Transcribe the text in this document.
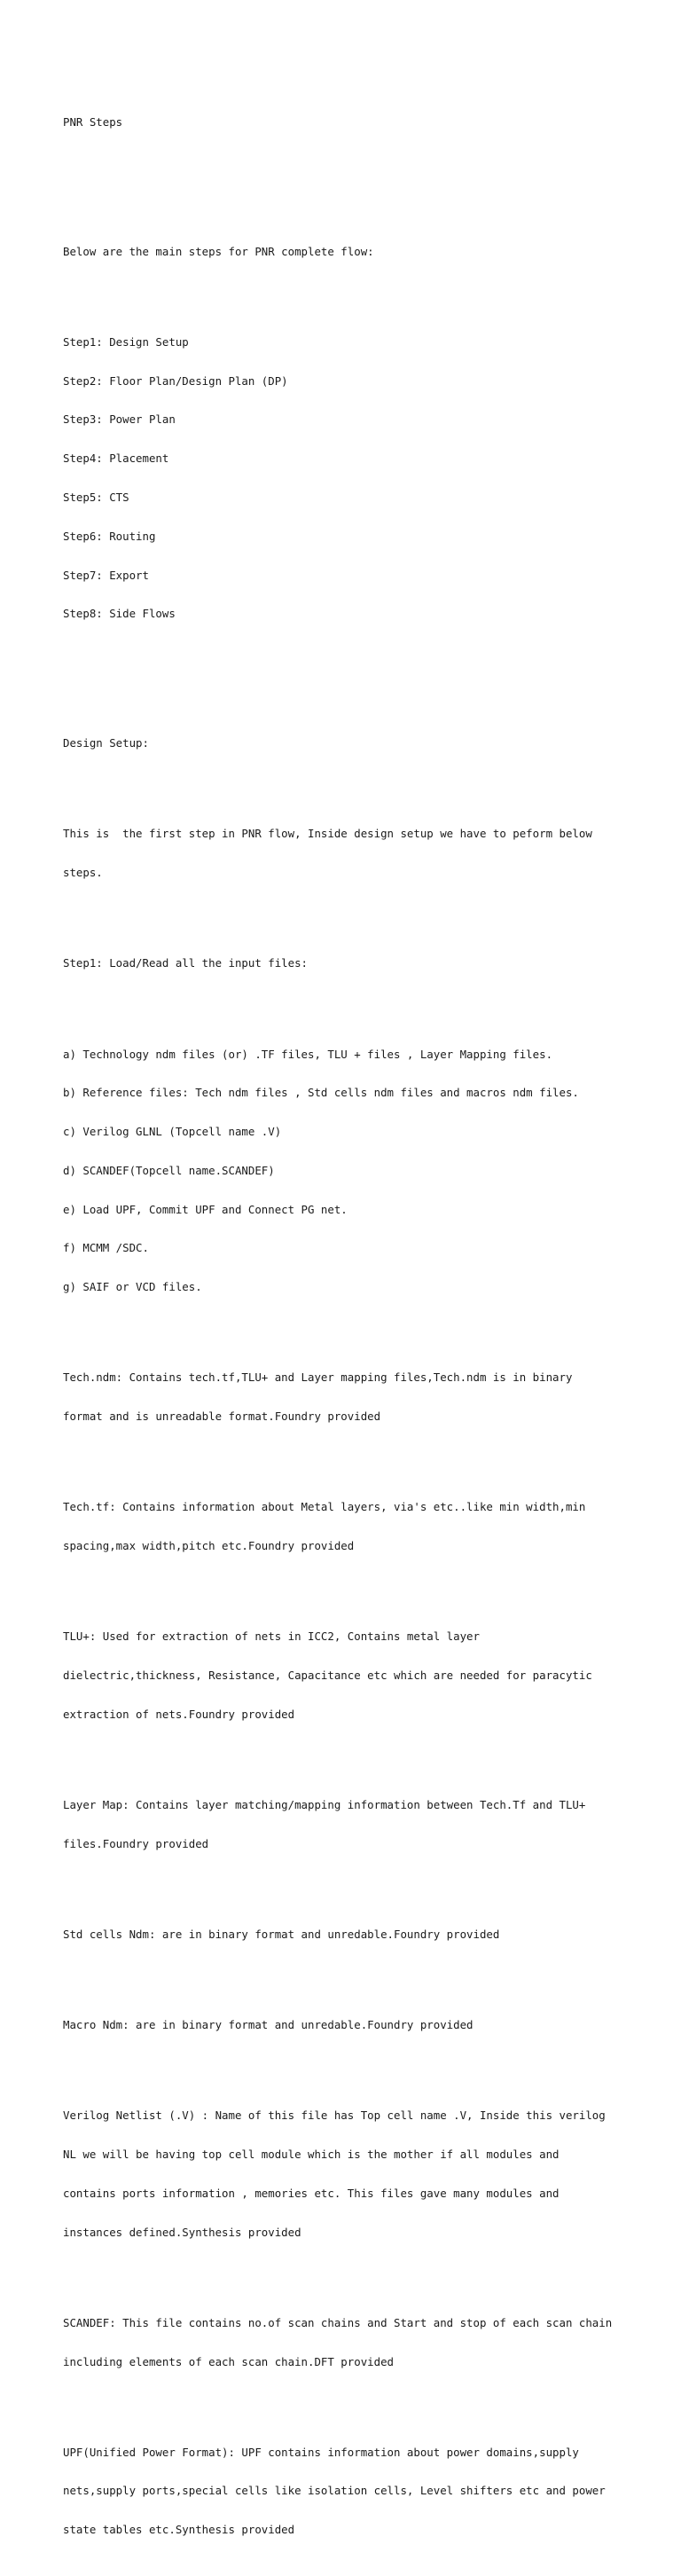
PNR Steps

Below are the main steps for PNR complete flow:

Step1: Design Setup

Step2: Floor Plan/Design Plan (DP)

Step3: Power Plan

Step4: Placement

Step5: CTS

Step6: Routing

Step7: Export

Step8: Side Flows

Design Setup:

This is  the first step in PNR flow, Inside design setup we have to peform below

steps.

Step1: Load/Read all the input files:

a) Technology ndm files (or) .TF files, TLU + files , Layer Mapping files.

b) Reference files: Tech ndm files , Std cells ndm files and macros ndm files.

c) Verilog GLNL (Topcell name .V)

d) SCANDEF(Topcell name.SCANDEF)

e) Load UPF, Commit UPF and Connect PG net.

f) MCMM /SDC.

g) SAIF or VCD files.

Tech.ndm: Contains tech.tf,TLU+ and Layer mapping files,Tech.ndm is in binary

format and is unreadable format.Foundry provided

Tech.tf: Contains information about Metal layers, via's etc..like min width,min

spacing,max width,pitch etc.Foundry provided

TLU+: Used for extraction of nets in ICC2, Contains metal layer

dielectric,thickness, Resistance, Capacitance etc which are needed for paracytic

extraction of nets.Foundry provided

Layer Map: Contains layer matching/mapping information between Tech.Tf and TLU+

files.Foundry provided

Std cells Ndm: are in binary format and unredable.Foundry provided

Macro Ndm: are in binary format and unredable.Foundry provided

Verilog Netlist (.V) : Name of this file has Top cell name .V, Inside this verilog

NL we will be having top cell module which is the mother if all modules and

contains ports information , memories etc. This files gave many modules and

instances defined.Synthesis provided

SCANDEF: This file contains no.of scan chains and Start and stop of each scan chain

including elements of each scan chain.DFT provided

UPF(Unified Power Format): UPF contains information about power domains,supply

nets,supply ports,special cells like isolation cells, Level shifters etc and power

state tables etc.Synthesis provided
